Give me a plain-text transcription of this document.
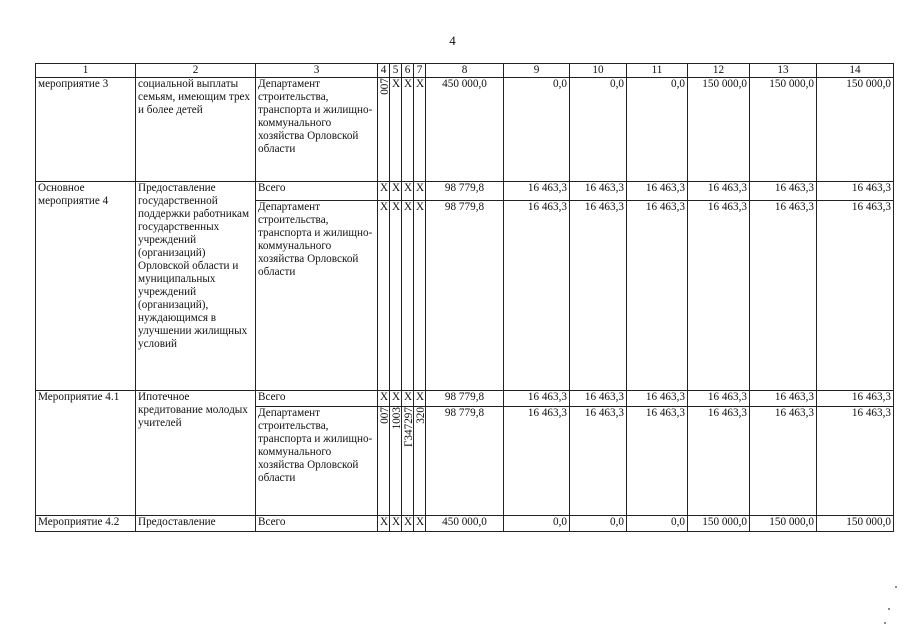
4
1	2	3	4	5	6	7	8	9	10	11	12	13	14
мероприятие 3	социальной выплаты семьям, имеющим трех и более детей	Департамент строительства, транспорта и жилищно-коммунального хозяйства Орловской области	007	X	X	X	450 000,0	0,0	0,0	0,0	150 000,0	150 000,0	150 000,0
Основное мероприятие 4	Предоставление государственной поддержки работникам государственных учреждений (организаций) Орловской области и муниципальных учреждений (организаций), нуждающимся в улучшении жилищных условий	Всего	X	X	X	X	98 779,8	16 463,3	16 463,3	16 463,3	16 463,3	16 463,3	16 463,3
		Департамент строительства, транспорта и жилищно-коммунального хозяйства Орловской области	X	X	X	X	98 779,8	16 463,3	16 463,3	16 463,3	16 463,3	16 463,3	16 463,3
Мероприятие 4.1	Ипотечное кредитование молодых учителей	Всего	X	X	X	X	98 779,8	16 463,3	16 463,3	16 463,3	16 463,3	16 463,3	16 463,3
		Департамент строительства, транспорта и жилищно-коммунального хозяйства Орловской области	007	1003	Г347297	320	98 779,8	16 463,3	16 463,3	16 463,3	16 463,3	16 463,3	16 463,3
Мероприятие 4.2	Предоставление	Всего	X	X	X	X	450 000,0	0,0	0,0	0,0	150 000,0	150 000,0	150 000,0
